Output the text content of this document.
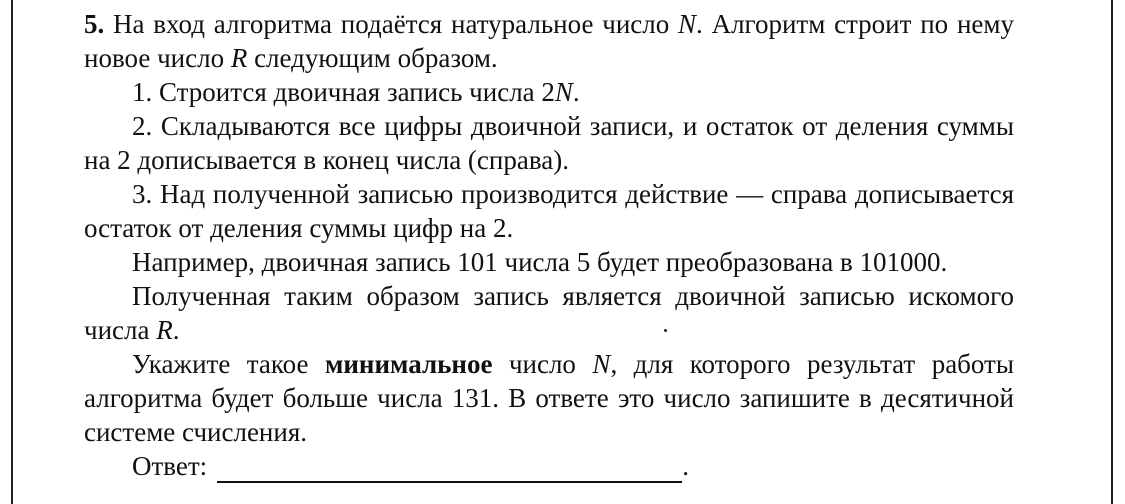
5. На вход алгоритма подаётся натуральное число N. Алгоритм строит по нему новое число R следующим образом.

1. Строится двоичная запись числа 2N.

2. Складываются все цифры двоичной записи, и остаток от деления суммы на 2 дописывается в конец числа (справа).

3. Над полученной записью производится действие — справа дописывается остаток от деления суммы цифр на 2.

Например, двоичная запись 101 числа 5 будет преобразована в 101000.

Полученная таким образом запись является двоичной записью искомого числа R.

Укажите такое минимальное число N, для которого результат работы алгоритма будет больше числа 131. В ответе это число запишите в десятичной системе счисления.

Ответ:	.
